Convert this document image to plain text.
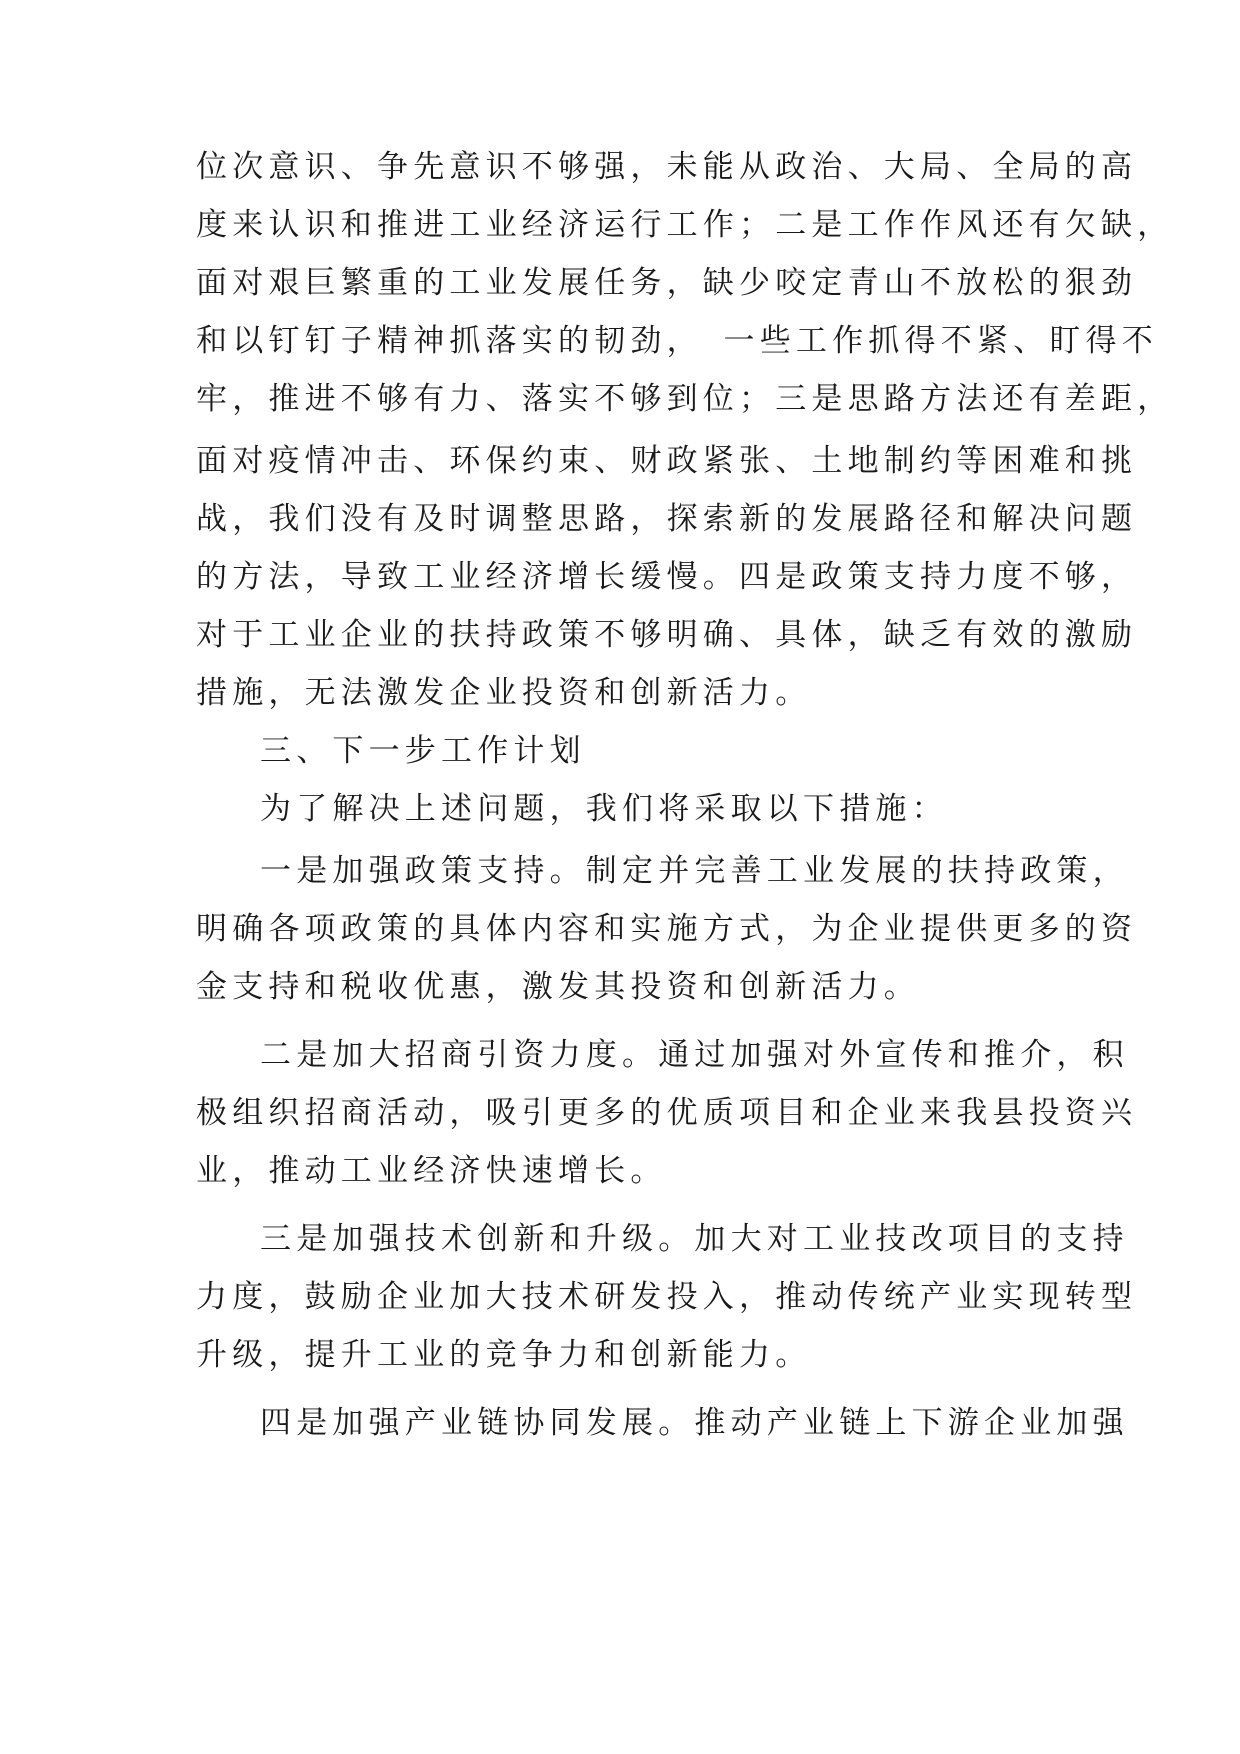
位次意识、争先意识不够强，未能从政治、大局、全局的高
度来认识和推进工业经济运行工作；二是工作作风还有欠缺，
面对艰巨繁重的工业发展任务，缺少咬定青山不放松的狠劲
和以钉钉子精神抓落实的韧劲，　一些工作抓得不紧、盯得不
牢，推进不够有力、落实不够到位；三是思路方法还有差距，
面对疫情冲击、环保约束、财政紧张、土地制约等困难和挑
战，我们没有及时调整思路，探索新的发展路径和解决问题
的方法，导致工业经济增长缓慢。四是政策支持力度不够，
对于工业企业的扶持政策不够明确、具体，缺乏有效的激励
措施，无法激发企业投资和创新活力。
三、下一步工作计划
为了解决上述问题，我们将采取以下措施：
一是加强政策支持。制定并完善工业发展的扶持政策，
明确各项政策的具体内容和实施方式，为企业提供更多的资
金支持和税收优惠，激发其投资和创新活力。
二是加大招商引资力度。通过加强对外宣传和推介，积
极组织招商活动，吸引更多的优质项目和企业来我县投资兴
业，推动工业经济快速增长。
三是加强技术创新和升级。加大对工业技改项目的支持
力度，鼓励企业加大技术研发投入，推动传统产业实现转型
升级，提升工业的竞争力和创新能力。
四是加强产业链协同发展。推动产业链上下游企业加强
